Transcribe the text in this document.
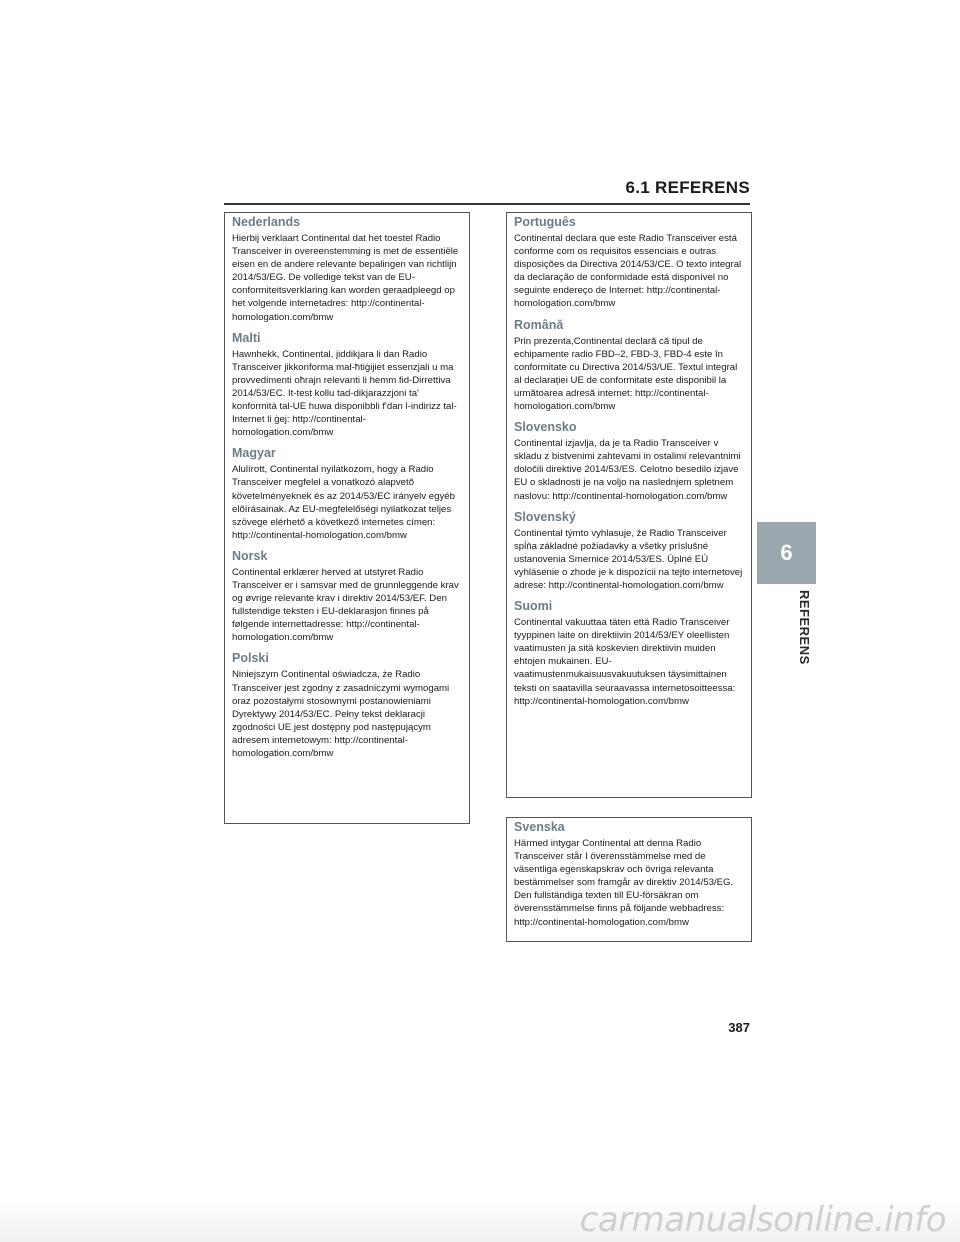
6.1 REFERENS
Nederlands

Hierbij verklaart Continental dat het toestel Radio Transceiver in overeenstemming is met de essentiële eisen en de andere relevante bepalingen van richtlijn 2014/53/EG. De volledige tekst van de EU-conformiteitsverklaring kan worden geraadpleegd op het volgende internetadres: http://continental-homologation.com/bmw

Malti

Hawnhekk, Continental, jiddikjara li dan Radio Transceiver jikkonforma mal-ħtiġijiet essenzjali u ma provvedimenti oħrajn relevanti li hemm fid-Dirrettiva 2014/53/EC. It-test kollu tad-dikjarazzjoni ta' konformità tal-UE huwa disponibbli f'dan l-indirizz tal-Internet li ġej: http://continental-homologation.com/bmw

Magyar

Alulírott, Continental nyilatkozom, hogy a Radio Transceiver megfelel a vonatkozó alapvetõ követelményeknek és az 2014/53/EC irányelv egyéb elõírásainak. Az EU-megfelelőségi nyilatkozat teljes szövege elérhető a következő internetes címen: http://continental-homologation.com/bmw

Norsk

Continental erklærer herved at utstyret Radio Transceiver er i samsvar med de grunnleggende krav og øvrige relevante krav i direktiv 2014/53/EF. Den fullstendige teksten i EU-deklarasjon finnes på følgende internettadresse: http://continental-homologation.com/bmw

Polski

Niniejszym Continental oświadcza, że Radio Transceiver jest zgodny z zasadniczymi wymogami oraz pozostałymi stosownymi postanowieniami Dyrektywy 2014/53/EC. Pełny tekst deklaracji zgodności UE jest dostępny pod następującym adresem internetowym: http://continental-homologation.com/bmw

Português

Continental declara que este Radio Transceiver está conforme com os requisitos essenciais e outras disposições da Directiva 2014/53/CE. O texto integral da declaração de conformidade está disponível no seguinte endereço de Internet: http://continental-homologation.com/bmw

Română

Prin prezenta,Continental declară că tipul de echipamente radio FBD–2, FBD-3, FBD-4 este în conformitate cu Directiva 2014/53/UE. Textul integral al declarației UE de conformitate este disponibil la următoarea adresă internet: http://continental-homologation.com/bmw

Slovensko

Continental izjavlja, da je ta Radio Transceiver v skladu z bistvenimi zahtevami in ostalimi relevantnimi določili direktive 2014/53/ES. Celotno besedilo izjave EU o skladnosti je na voljo na naslednjem spletnem naslovu: http://continental-homologation.com/bmw

Slovenský

Continental týmto vyhlasuje, že Radio Transceiver spĺňa základné požiadavky a všetky príslušné ustanovenia Smernice 2014/53/ES. Úplné EÚ vyhlásenie o zhode je k dispozícii na tejto internetovej adrese: http://continental-homologation.com/bmw

Suomi

Continental vakuuttaa täten että Radio Transceiver tyyppinen laite on direktiivin 2014/53/EY oleellisten vaatimusten ja sitä koskevien direktiivin muiden ehtojen mukainen. EU-vaatimustenmukaisuusvakuutuksen täysimittainen teksti on saatavilla seuraavassa internetosoitteessa: http://continental-homologation.com/bmw

Svenska

Härmed intygar Continental att denna Radio Transceiver står I överensstämmelse med de väsentliga egenskapskrav och övriga relevanta bestämmelser som framgår av direktiv 2014/53/EG. Den fullständiga texten till EU-försäkran om överensstämmelse finns på följande webbadress: http://continental-homologation.com/bmw

6
REFERENS
387
carmanualsonline.info
